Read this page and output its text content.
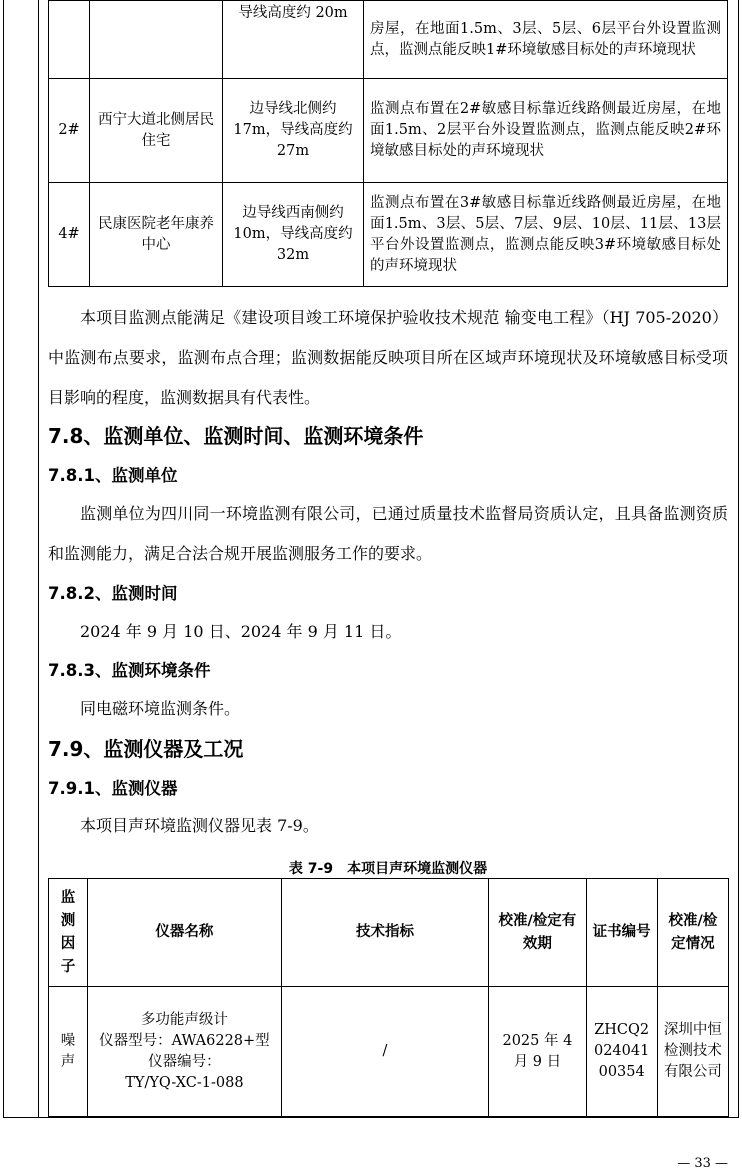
		导线高度约 20m	房屋，在地面1.5m、3层、5层、6层平台外设置监测点，监测点能反映1#环境敏感目标处的声环境现状
2#	西宁大道北侧居民住宅	边导线北侧约17m，导线高度约27m	监测点布置在2#敏感目标靠近线路侧最近房屋，在地面1.5m、2层平台外设置监测点，监测点能反映2#环境敏感目标处的声环境现状
4#	民康医院老年康养中心	边导线西南侧约10m，导线高度约32m	监测点布置在3#敏感目标靠近线路侧最近房屋，在地面1.5m、3层、5层、7层、9层、10层、11层、13层平台外设置监测点，监测点能反映3#环境敏感目标处的声环境现状
本项目监测点能满足《建设项目竣工环境保护验收技术规范 输变电工程》（HJ 705-2020）中监测布点要求，监测布点合理；监测数据能反映项目所在区域声环境现状及环境敏感目标受项目影响的程度，监测数据具有代表性。
7.8、监测单位、监测时间、监测环境条件
7.8.1、监测单位
监测单位为四川同一环境监测有限公司，已通过质量技术监督局资质认定，且具备监测资质和监测能力，满足合法合规开展监测服务工作的要求。
7.8.2、监测时间
2024 年 9 月 10 日、2024 年 9 月 11 日。
7.8.3、监测环境条件
同电磁环境监测条件。
7.9、监测仪器及工况
7.9.1、监测仪器
本项目声环境监测仪器见表 7-9。
表 7-9　本项目声环境监测仪器
监测因子	仪器名称	技术指标	校准/检定有效期	证书编号	校准/检定情况
噪声	多功能声级计
仪器型号：AWA6228+型
仪器编号：
TY/YQ-XC-1-088	/	2025 年 4 月 9 日	ZHCQ202404100354	深圳中恒检测技术有限公司
— 33 —
